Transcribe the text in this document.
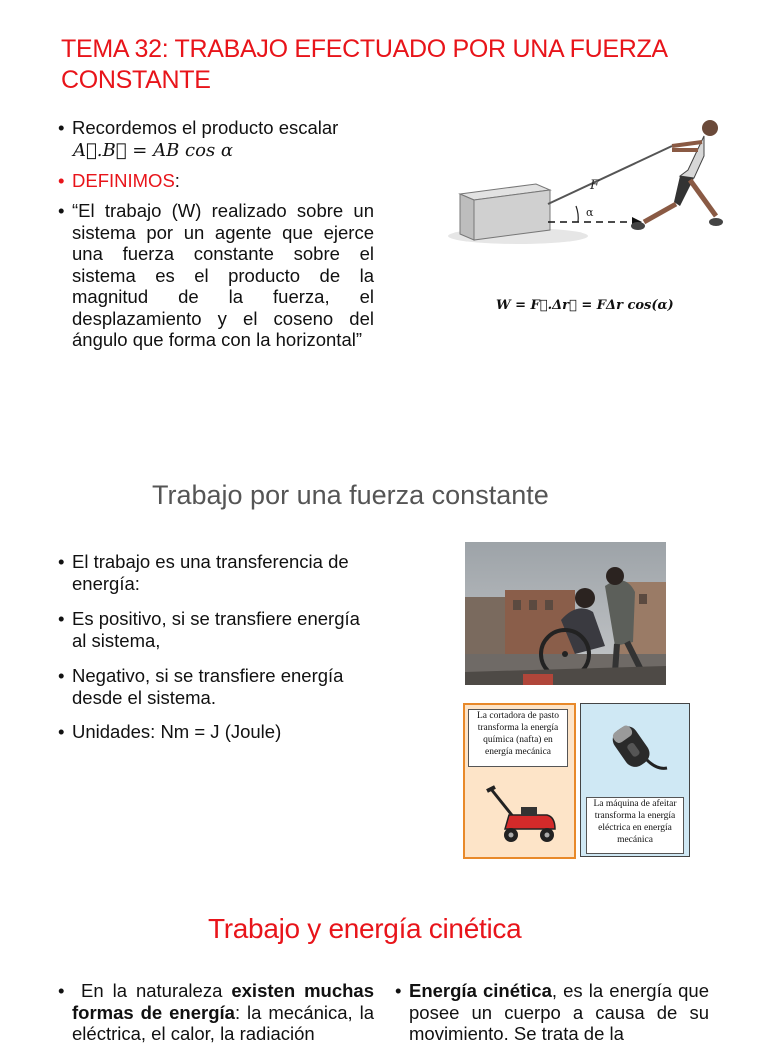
TEMA 32: TRABAJO EFECTUADO POR UNA FUERZA CONSTANTE
• Recordemos el producto escalar
A⃗.B⃗ = AB cos α
• DEFINIMOS:
• “El trabajo (W) realizado sobre un sistema por un agente que ejerce una fuerza constante sobre el sistema es el producto de la magnitud de la fuerza, el desplazamiento y el coseno del ángulo que forma con la horizontal”
F
α
W = F⃗.Δr⃗ = FΔr cos(α)
Trabajo por una fuerza constante
• El trabajo es una transferencia de energía:
• Es positivo, si se transfiere energía al sistema,
• Negativo, si se transfiere energía desde el sistema.
• Unidades: Nm = J (Joule)
La cortadora de pasto transforma la energía química (nafta) en energía mecánica
La máquina de afeitar transforma la energía eléctrica en energía mecánica
Trabajo y energía cinética
• En la naturaleza existen muchas formas de energía: la mecánica, la eléctrica, el calor, la radiación
• Energía cinética, es la energía que posee un cuerpo a causa de su movimiento. Se trata de la
